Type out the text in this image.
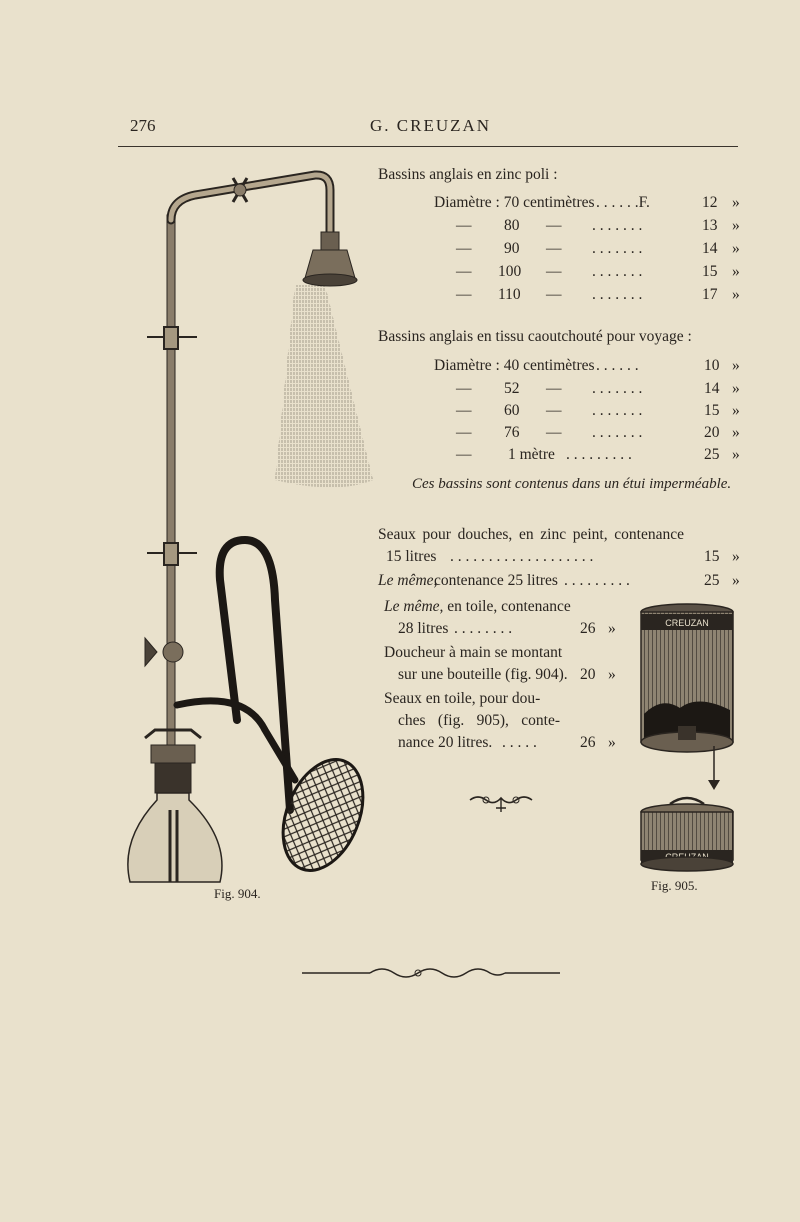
276	G. CREUZAN
Fig. 904.
Bassins anglais en zinc poli :
Diamètre : 70 centimètres . . . . . .F.	12 »
— 80 — . . . . . . .	13 »
— 90 — . . . . . . .	14 »
— 100 — . . . . . . .	15 »
— 110 — . . . . . . .	17 »
Bassins anglais en tissu caoutchouté pour voyage :
Diamètre : 40 centimètres . . . . . .	10 »
— 52 — . . . . . . .	14 »
— 60 — . . . . . . .	15 »
— 76 — . . . . . . .	20 »
— 1 mètre . . . . . . . . .	25 »
Ces bassins sont contenus dans un étui imperméable.
Seaux pour douches, en zinc peint, contenance
15 litres . . . . . . . . . . . . . . . . . . .	15 »
Le même,
contenance 25 litres . . . . . . . . .	25 »
Le même, en toile, contenance
28 litres . . . . . . . .	26 »
Doucheur à main se montant
sur une bouteille (fig. 904). 20 »
Seaux en toile, pour dou-
ches (fig. 905), conte-
nance 20 litres. . . . . .	26 »
CREUZAN
Fig. 905.
